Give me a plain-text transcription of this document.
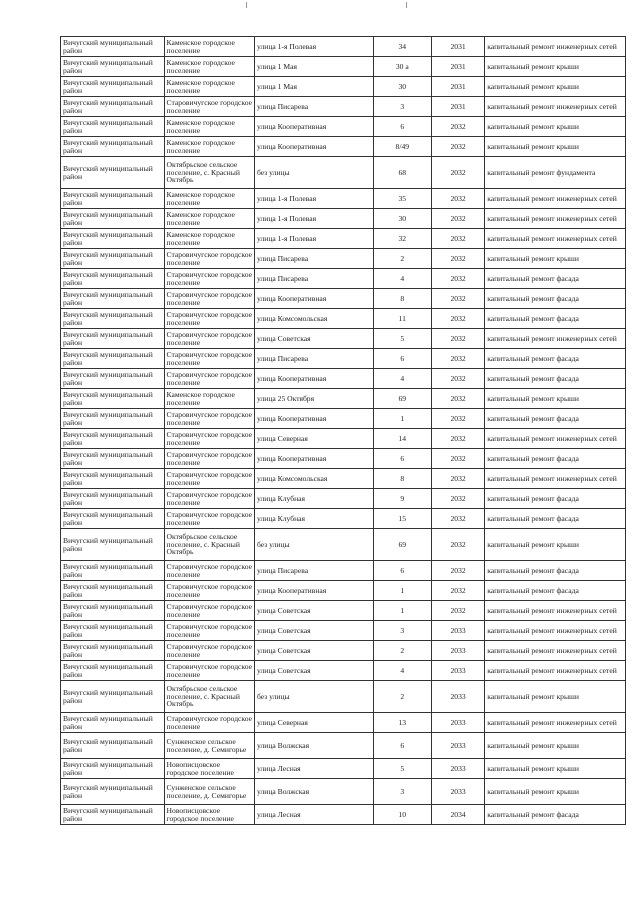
Вичугский муниципальный район	Каменское городское поселение	улица 1-я Полевая	34	2031	капитальный ремонт инженерных сетей
Вичугский муниципальный район	Каменское городское поселение	улица 1 Мая	30 а	2031	капитальный ремонт крыши
Вичугский муниципальный район	Каменское городское поселение	улица 1 Мая	30	2031	капитальный ремонт крыши
Вичугский муниципальный район	Старовичугское городское поселение	улица Писарева	3	2031	капитальный ремонт инженерных сетей
Вичугский муниципальный район	Каменское городское поселение	улица Кооперативная	6	2032	капитальный ремонт крыши
Вичугский муниципальный район	Каменское городское поселение	улица Кооперативная	8/49	2032	капитальный ремонт крыши
Вичугский муниципальный район	Октябрьское сельское поселение, с. Красный Октябрь	без улицы	68	2032	капитальный ремонт фундамента
Вичугский муниципальный район	Каменское городское поселение	улица 1-я Полевая	35	2032	капитальный ремонт инженерных сетей
Вичугский муниципальный район	Каменское городское поселение	улица 1-я Полевая	30	2032	капитальный ремонт инженерных сетей
Вичугский муниципальный район	Каменское городское поселение	улица 1-я Полевая	32	2032	капитальный ремонт инженерных сетей
Вичугский муниципальный район	Старовичугское городское поселение	улица Писарева	2	2032	капитальный ремонт крыши
Вичугский муниципальный район	Старовичугское городское поселение	улица Писарева	4	2032	капитальный ремонт фасада
Вичугский муниципальный район	Старовичугское городское поселение	улица Кооперативная	8	2032	капитальный ремонт фасада
Вичугский муниципальный район	Старовичугское городское поселение	улица Комсомольская	11	2032	капитальный ремонт фасада
Вичугский муниципальный район	Старовичугское городское поселение	улица Советская	5	2032	капитальный ремонт инженерных сетей
Вичугский муниципальный район	Старовичугское городское поселение	улица Писарева	6	2032	капитальный ремонт фасада
Вичугский муниципальный район	Старовичугское городское поселение	улица Кооперативная	4	2032	капитальный ремонт фасада
Вичугский муниципальный район	Каменское городское поселение	улица 25 Октября	69	2032	капитальный ремонт крыши
Вичугский муниципальный район	Старовичугское городское поселение	улица Кооперативная	1	2032	капитальный ремонт фасада
Вичугский муниципальный район	Старовичугское городское поселение	улица Северная	14	2032	капитальный ремонт инженерных сетей
Вичугский муниципальный район	Старовичугское городское поселение	улица Кооперативная	6	2032	капитальный ремонт фасада
Вичугский муниципальный район	Старовичугское городское поселение	улица Комсомольская	8	2032	капитальный ремонт инженерных сетей
Вичугский муниципальный район	Старовичугское городское поселение	улица Клубная	9	2032	капитальный ремонт фасада
Вичугский муниципальный район	Старовичугское городское поселение	улица Клубная	15	2032	капитальный ремонт фасада
Вичугский муниципальный район	Октябрьское сельское поселение, с. Красный Октябрь	без улицы	69	2032	капитальный ремонт крыши
Вичугский муниципальный район	Старовичугское городское поселение	улица Писарева	6	2032	капитальный ремонт фасада
Вичугский муниципальный район	Старовичугское городское поселение	улица Кооперативная	1	2032	капитальный ремонт фасада
Вичугский муниципальный район	Старовичугское городское поселение	улица Советская	1	2032	капитальный ремонт инженерных сетей
Вичугский муниципальный район	Старовичугское городское поселение	улица Советская	3	2033	капитальный ремонт инженерных сетей
Вичугский муниципальный район	Старовичугское городское поселение	улица Советская	2	2033	капитальный ремонт инженерных сетей
Вичугский муниципальный район	Старовичугское городское поселение	улица Советская	4	2033	капитальный ремонт инженерных сетей
Вичугский муниципальный район	Октябрьское сельское поселение, с. Красный Октябрь	без улицы	2	2033	капитальный ремонт крыши
Вичугский муниципальный район	Старовичугское городское поселение	улица Северная	13	2033	капитальный ремонт инженерных сетей
Вичугский муниципальный район	Сунженское сельское поселение, д. Семигорье	улица Волжская	6	2033	капитальный ремонт крыши
Вичугский муниципальный район	Новописцовское городское поселение	улица Лесная	5	2033	капитальный ремонт крыши
Вичугский муниципальный район	Сунженское сельское поселение, д. Семигорье	улица Волжская	3	2033	капитальный ремонт крыши
Вичугский муниципальный район	Новописцовское городское поселение	улица Лесная	10	2034	капитальный ремонт фасада
